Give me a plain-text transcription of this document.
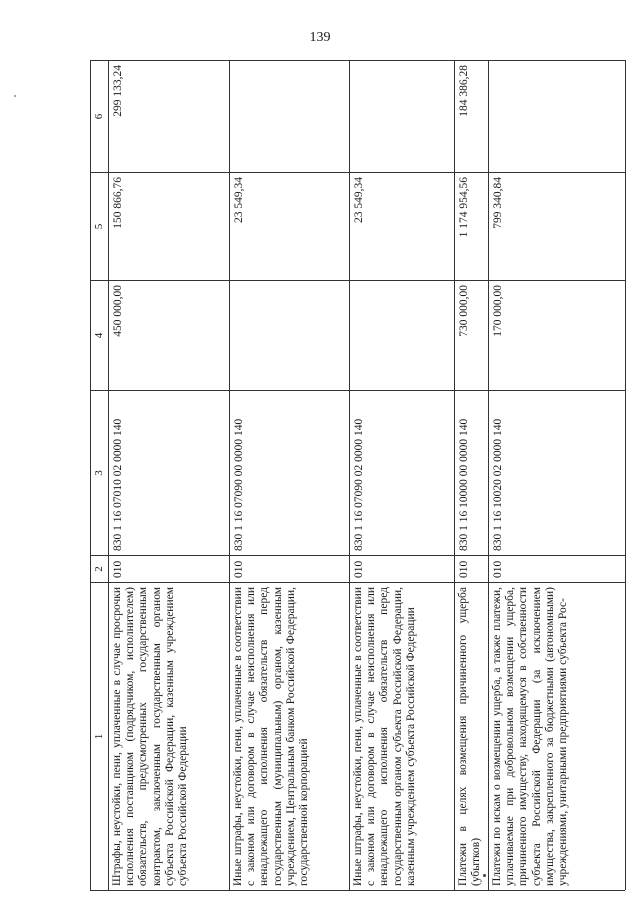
139
1
2
3
4
5
6
Штрафы, неустойки, пени, уплаченные в случае просрочки исполнения поставщиком (подрядчиком, исполнителем) обязательств, предусмотренных государственным контрактом, заключенным государственным органом субъекта Российской Федерации, казенным учреждением субъекта Российской Федерации
010
830 1 16 07010 02 0000 140
450 000,00
150 866,76
299 133,24
Иные штрафы, неустойки, пени, уплаченные в соответствии с законом или договором в случае неисполнения или ненадлежащего исполнения обязательств перед государственным (муниципальным) органом, казенным учреждением, Центральным банком Российской Федерации, государственной корпорацией
010
830 1 16 07090 00 0000 140
23 549,34
Иные штрафы, неустойки, пени, уплаченные в соответствии с законом или договором в случае неисполнения или ненадлежащего исполнения обязательств перед государственным органом субъекта Российской Федерации, казенным учреждением субъекта Российской Федерации
010
830 1 16 07090 02 0000 140
23 549,34
Платежи в целях возмещения причиненного ущерба (убытков)
010
830 1 16 10000 00 0000 140
730 000,00
1 174 954,56
184 386,28
Платежи по искам о возмещении ущерба, а также платежи, уплачиваемые при добровольном возмещении ущерба, причиненного имуществу, находящемуся в собственности субъекта Российской Федерации (за исключением имущества, закрепленного за бюджетными (автономными) учреждениями, унитарными предприятиями субъекта Рос-
010
830 1 16 10020 02 0000 140
170 000,00
799 340,84
